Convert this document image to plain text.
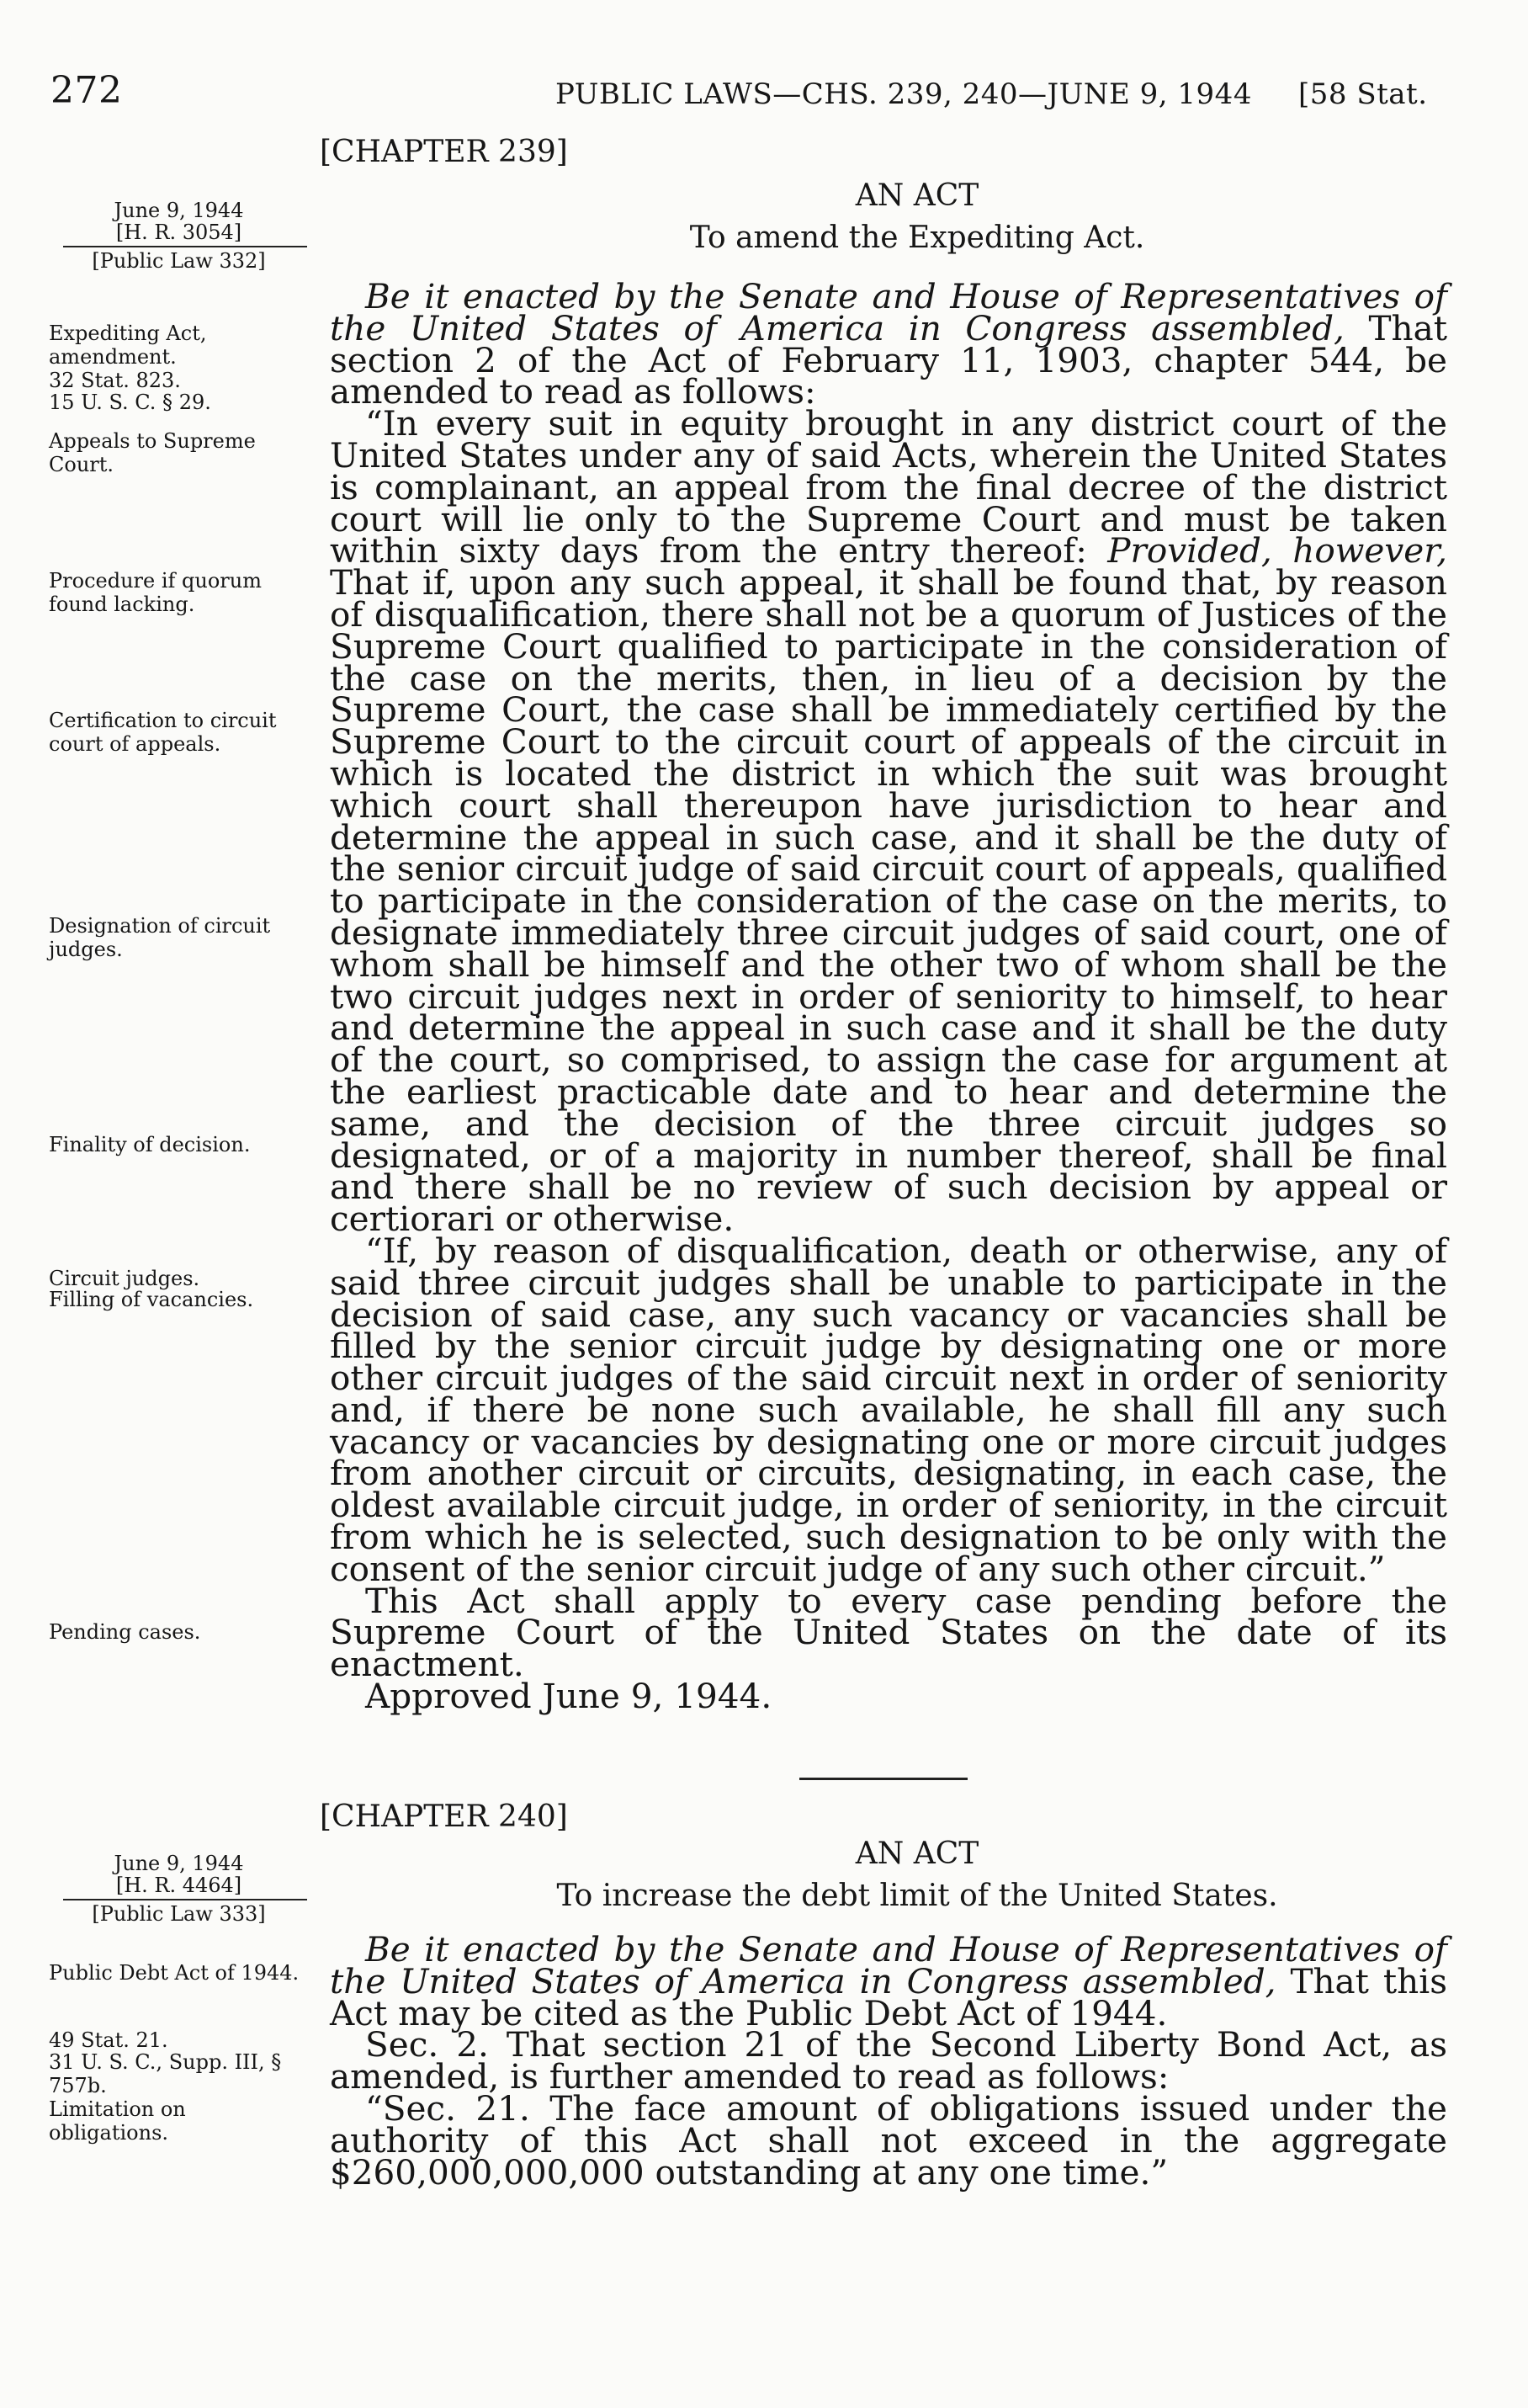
272	PUBLIC LAWS—CHS. 239, 240—JUNE 9, 1944 [58 Stat.
[CHAPTER 239]
AN ACT
To amend the Expediting Act.
June 9, 1944
[H. R. 3054]
[Public Law 332]
Expediting Act, amendment.
32 Stat. 823.
15 U. S. C. § 29.
Appeals to Supreme Court.
Procedure if quorum found lacking.
Certification to circuit court of appeals.
Designation of circuit judges.
Finality of decision.
Circuit judges.
Filling of vacancies.
Pending cases.

Be it enacted by the Senate and House of Representatives of the United States of America in Congress assembled, That section 2 of the Act of February 11, 1903, chapter 544, be amended to read as follows:

“In every suit in equity brought in any district court of the United States under any of said Acts, wherein the United States is complainant, an appeal from the final decree of the district court will lie only to the Supreme Court and must be taken within sixty days from the entry thereof: Provided, however, That if, upon any such appeal, it shall be found that, by reason of disqualification, there shall not be a quorum of Justices of the Supreme Court qualified to participate in the consideration of the case on the merits, then, in lieu of a decision by the Supreme Court, the case shall be immediately certified by the Supreme Court to the circuit court of appeals of the circuit in which is located the district in which the suit was brought which court shall thereupon have jurisdiction to hear and determine the appeal in such case, and it shall be the duty of the senior circuit judge of said circuit court of appeals, qualified to participate in the consideration of the case on the merits, to designate immediately three circuit judges of said court, one of whom shall be himself and the other two of whom shall be the two circuit judges next in order of seniority to himself, to hear and determine the appeal in such case and it shall be the duty of the court, so comprised, to assign the case for argument at the earliest practicable date and to hear and determine the same, and the decision of the three circuit judges so designated, or of a majority in number thereof, shall be final and there shall be no review of such decision by appeal or certiorari or otherwise.

“If, by reason of disqualification, death or otherwise, any of said three circuit judges shall be unable to participate in the decision of said case, any such vacancy or vacancies shall be filled by the senior circuit judge by designating one or more other circuit judges of the said circuit next in order of seniority and, if there be none such available, he shall fill any such vacancy or vacancies by designating one or more circuit judges from another circuit or circuits, designating, in each case, the oldest available circuit judge, in order of seniority, in the circuit from which he is selected, such designation to be only with the consent of the senior circuit judge of any such other circuit.”

This Act shall apply to every case pending before the Supreme Court of the United States on the date of its enactment.

Approved June 9, 1944.

[CHAPTER 240]
AN ACT
To increase the debt limit of the United States.
June 9, 1944
[H. R. 4464]
[Public Law 333]
Public Debt Act of 1944.
49 Stat. 21.
31 U. S. C., Supp. III, § 757b.
Limitation on obligations.

Be it enacted by the Senate and House of Representatives of the United States of America in Congress assembled, That this Act may be cited as the Public Debt Act of 1944.

Sec. 2. That section 21 of the Second Liberty Bond Act, as amended, is further amended to read as follows:

“Sec. 21. The face amount of obligations issued under the authority of this Act shall not exceed in the aggregate $260,000,000,000 outstanding at any one time.”
